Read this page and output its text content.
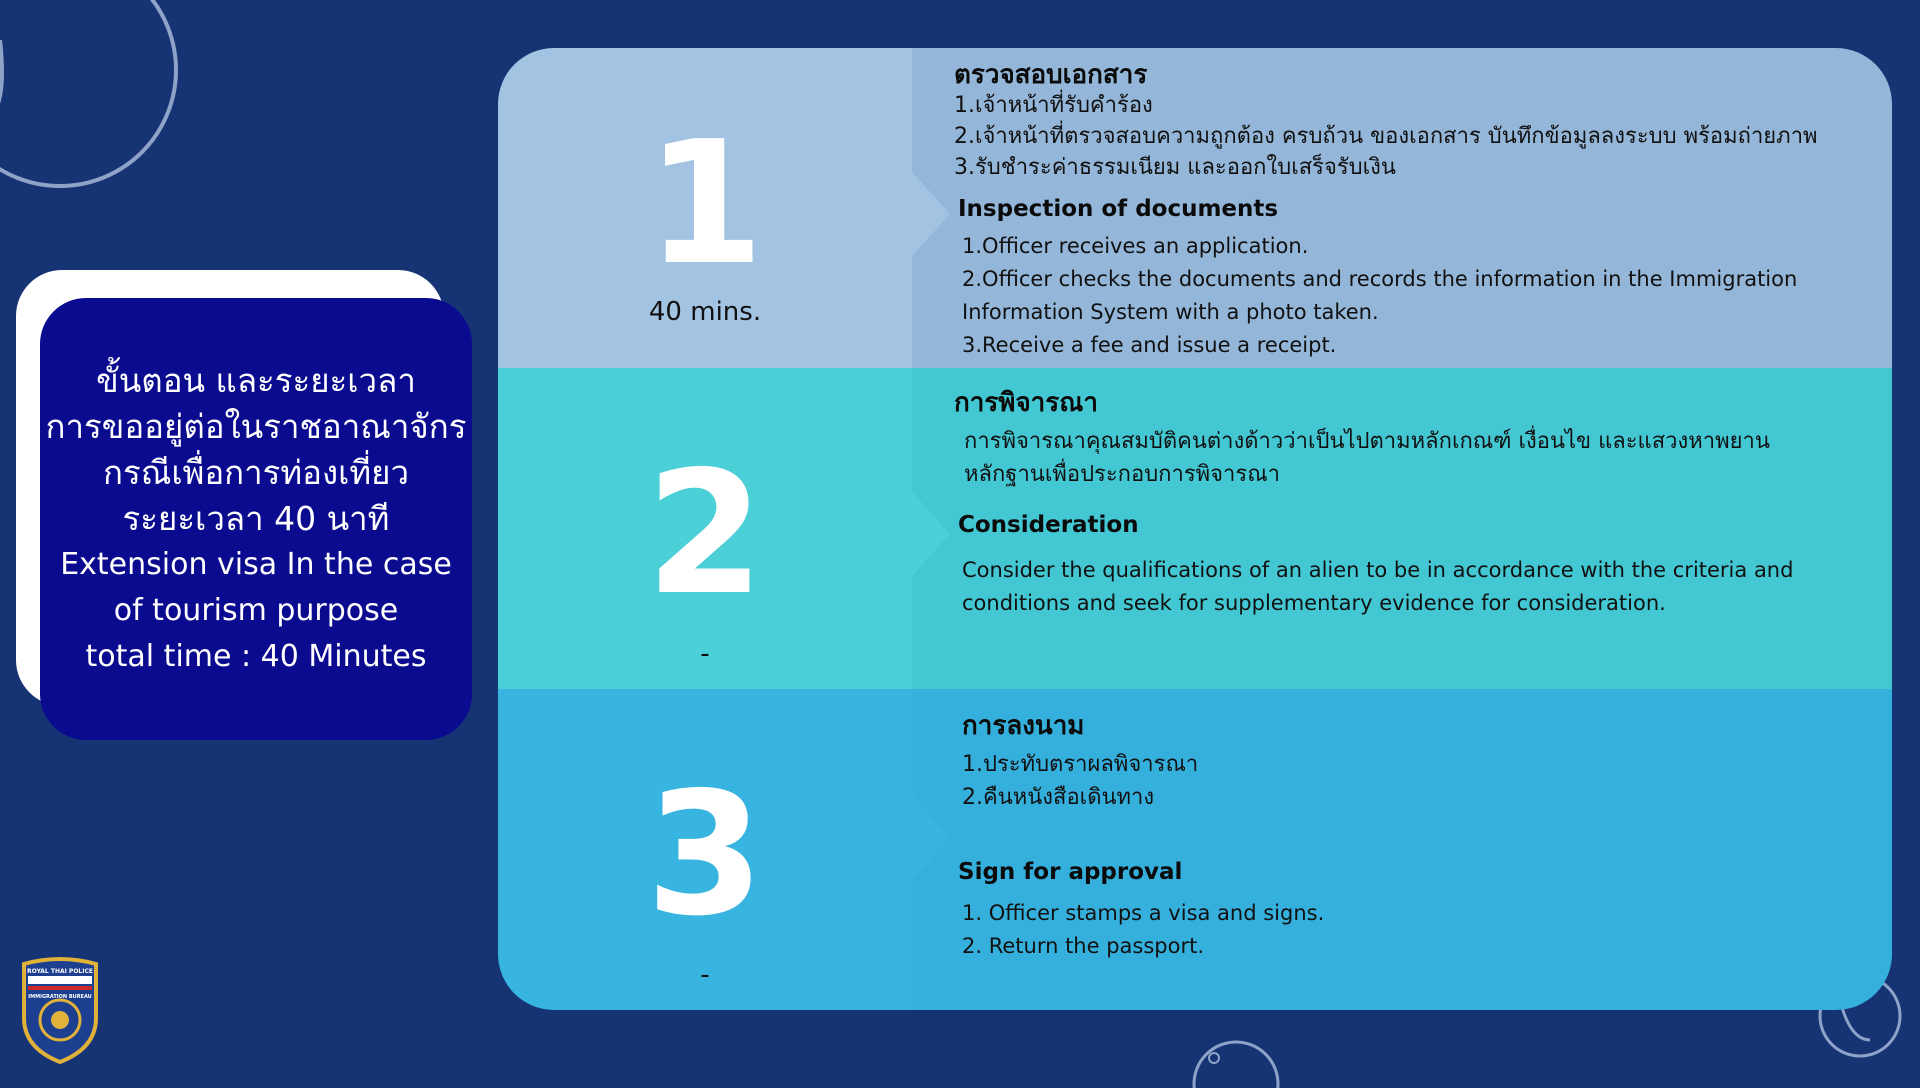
ขั้นตอน และระยะเวลา
การขออยู่ต่อในราชอาณาจักร
กรณีเพื่อการท่องเที่ยว
ระยะเวลา 40 นาที
Extension visa In the case
of tourism purpose
total time : 40 Minutes
1
40 mins.
ตรวจสอบเอกสาร
1.เจ้าหน้าที่รับคำร้อง
2.เจ้าหน้าที่ตรวจสอบความถูกต้อง ครบถ้วน ของเอกสาร บันทึกข้อมูลลงระบบ พร้อมถ่ายภาพ
3.รับชำระค่าธรรมเนียม และออกใบเสร็จรับเงิน
Inspection of documents
1.Officer receives an application.
2.Officer checks the documents and records the information in the Immigration
Information System with a photo taken.
3.Receive a fee and issue a receipt.
2
-
การพิจารณา
การพิจารณาคุณสมบัติคนต่างด้าวว่าเป็นไปตามหลักเกณฑ์ เงื่อนไข และแสวงหาพยาน
หลักฐานเพื่อประกอบการพิจารณา
Consideration
Consider the qualifications of an alien to be in accordance with the criteria and
conditions and seek for supplementary evidence for consideration.
3
-
การลงนาม
1.ประทับตราผลพิจารณา
2.คืนหนังสือเดินทาง
Sign for approval
1. Officer stamps a visa and signs.
2. Return the passport.
ROYAL THAI POLICE
IMMIGRATION BUREAU
